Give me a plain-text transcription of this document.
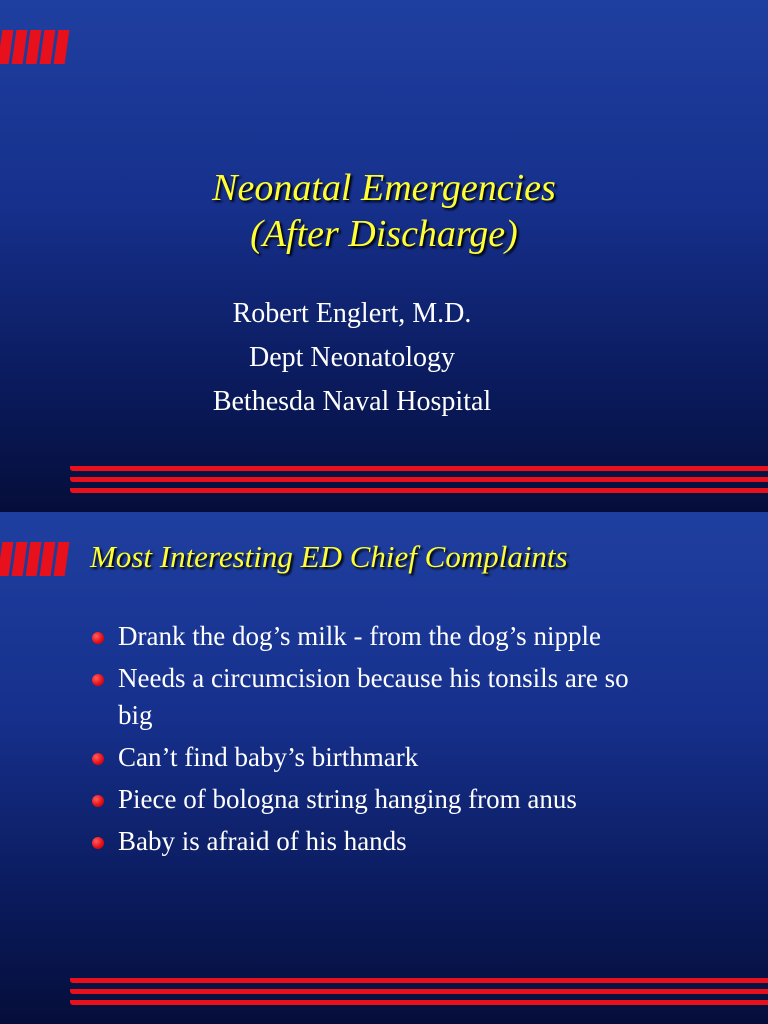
Neonatal Emergencies
(After Discharge)
Robert Englert, M.D.
Dept Neonatology
Bethesda Naval Hospital
Most Interesting ED Chief Complaints
Drank the dog’s milk - from the dog’s nipple
Needs a circumcision because his tonsils are so big
Can’t find baby’s birthmark
Piece of bologna string hanging from anus
Baby is afraid of his hands
